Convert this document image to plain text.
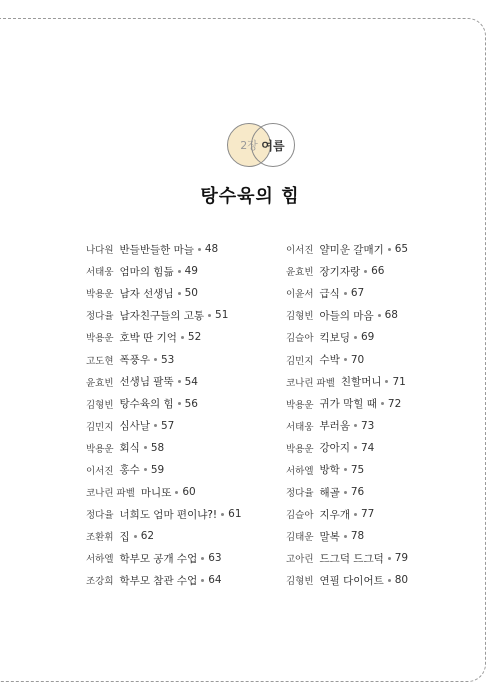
2장 여름
탕수육의 힘
나다원 반들반들한 마늘 48
서태웅 엄마의 힘듦 49
박용운 남자 선생님 50
정다율 남자친구들의 고통 51
박용운 호박 딴 기억 52
고도현 폭풍우 53
윤효빈 선생님 팔뚝 54
김형빈 탕수육의 힘 56
김민지 심사날 57
박용운 회식 58
이서진 홍수 59
코나린 파벨 마니또 60
정다율 너희도 엄마 편이냐?! 61
조환휘 집 62
서하엘 학부모 공개 수업 63
조강희 학부모 참관 수업 64
이서진 얄미운 갈매기 65
윤효빈 장기자랑 66
이윤서 급식 67
김형빈 아들의 마음 68
김슬아 킥보딩 69
김민지 수박 70
코나린 파벨 친할머니 71
박용운 귀가 막힐 때 72
서태웅 부러움 73
박용운 강아지 74
서하엘 방학 75
정다율 해골 76
김슬아 지우개 77
김태운 말복 78
고아린 드그덕 드그덕 79
김형빈 연필 다이어트 80
